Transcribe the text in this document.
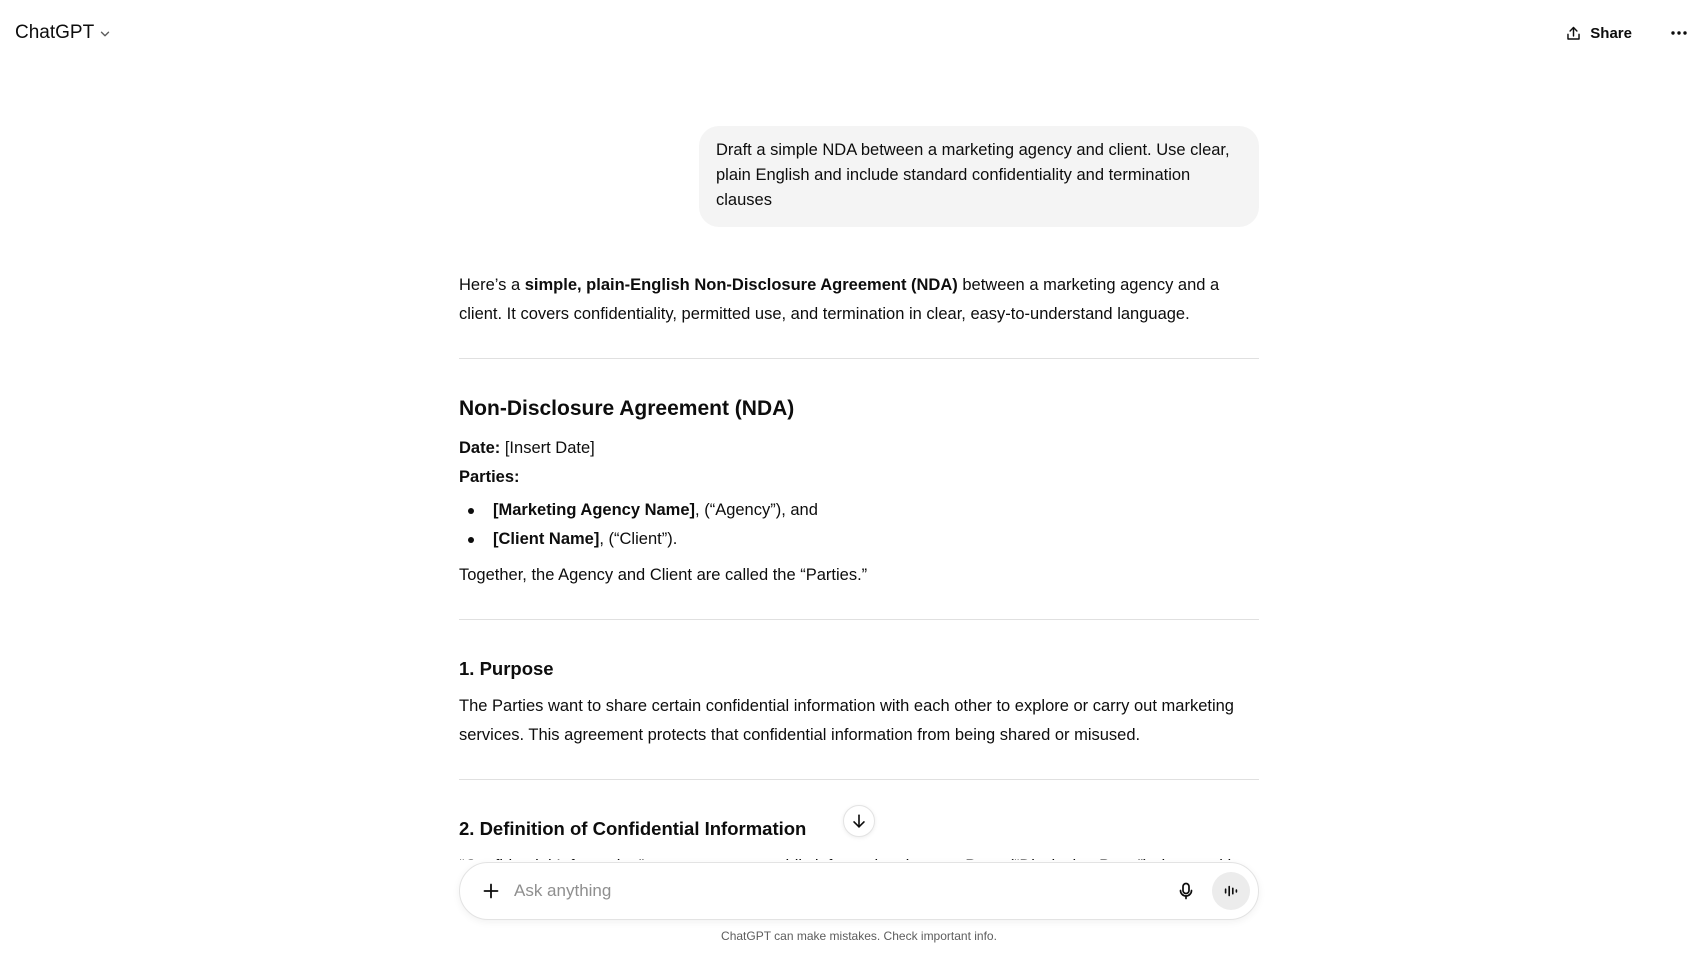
ChatGPT	Share
Draft a simple NDA between a marketing agency and client. Use clear, plain English and include standard confidentiality and termination clauses

Here’s a simple, plain-English Non-Disclosure Agreement (NDA) between a marketing agency and a client. It covers confidentiality, permitted use, and termination in clear, easy-to-understand language.

Non-Disclosure Agreement (NDA)
Date: [Insert Date]
Parties:
[Marketing Agency Name], (“Agency”), and
[Client Name], (“Client”).

Together, the Agency and Client are called the “Parties.”

1. Purpose

The Parties want to share certain confidential information with each other to explore or carry out marketing services. This agreement protects that confidential information from being shared or misused.

2. Definition of Confidential Information

Ask anything
ChatGPT can make mistakes. Check important info.
